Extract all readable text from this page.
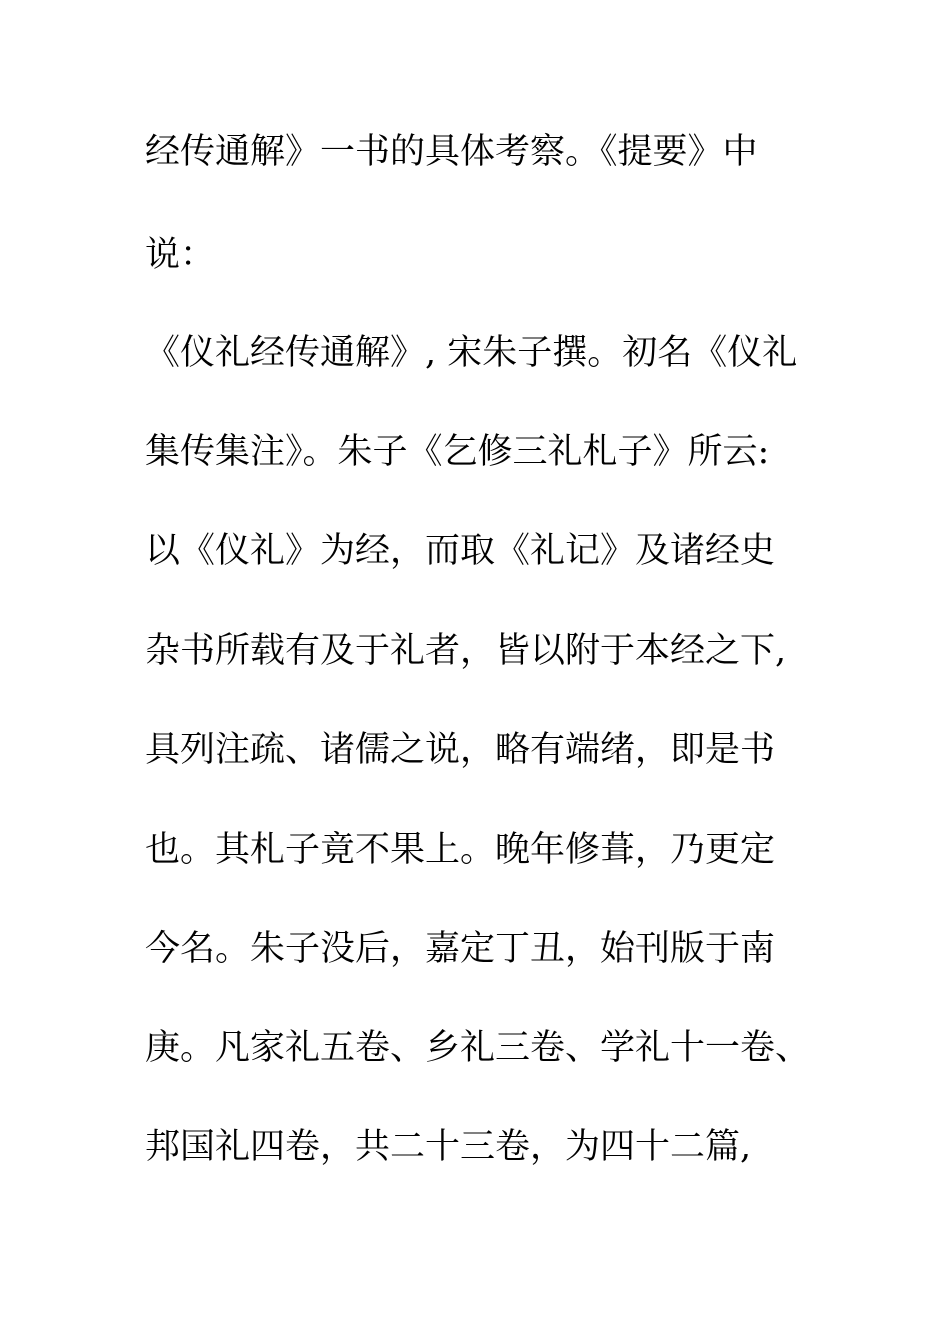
经传通解》一书的具体考察。《提要》中
说：
《仪礼经传通解》, 宋朱子撰。初名《仪礼
集传集注》。朱子《乞修三礼札子》所云:
以《仪礼》为经，而取《礼记》及诸经史
杂书所载有及于礼者，皆以附于本经之下,
具列注疏、诸儒之说，略有端绪，即是书
也。其札子竟不果上。晚年修葺，乃更定
今名。朱子没后，嘉定丁丑，始刊版于南
庚。凡家礼五卷、乡礼三卷、学礼十一卷、
邦国礼四卷，共二十三卷，为四十二篇,
